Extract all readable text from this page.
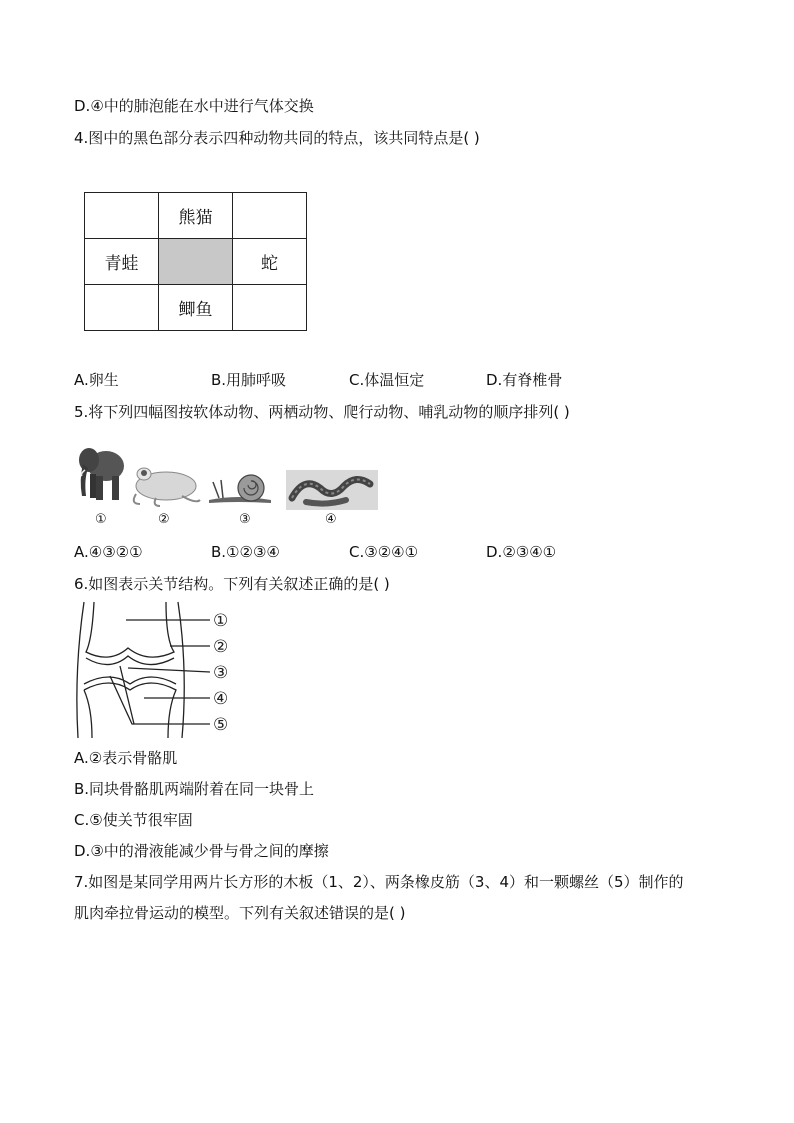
D.④中的肺泡能在水中进行气体交换
4.图中的黑色部分表示四种动物共同的特点，该共同特点是( )
	熊猫	
青蛙		蛇
	鲫鱼	
A.卵生	B.用肺呼吸	C.体温恒定	D.有脊椎骨
5.将下列四幅图按软体动物、两栖动物、爬行动物、哺乳动物的顺序排列( )
①	②	③	④
A.④③②①	B.①②③④	C.③②④①	D.②③④①
6.如图表示关节结构。下列有关叙述正确的是( )
①
②
③
④
⑤
A.②表示骨骼肌
B.同块骨骼肌两端附着在同一块骨上
C.⑤使关节很牢固
D.③中的滑液能减少骨与骨之间的摩擦
7.如图是某同学用两片长方形的木板（1、2）、两条橡皮筋（3、4）和一颗螺丝（5）制作的
肌肉牵拉骨运动的模型。下列有关叙述错误的是( )
